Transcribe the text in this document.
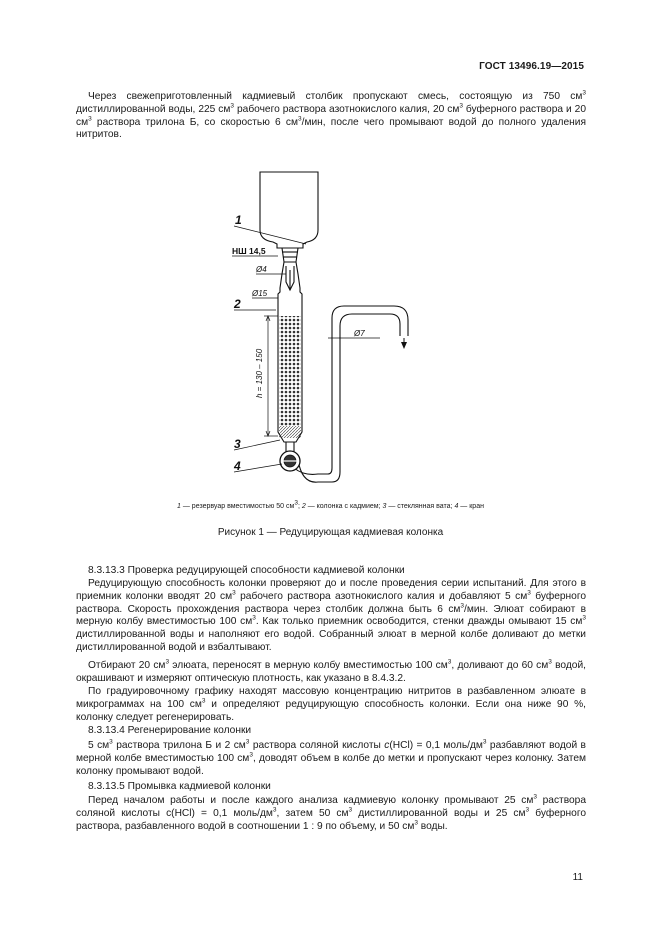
ГОСТ 13496.19—2015

Через свежеприготовленный кадмиевый столбик пропускают смесь, состоящую из 750 $см^3$ дистиллированной воды, 225 $см^3$ рабочего раствора азотнокислого калия, 20 $см^3$ буферного раствора и 20 $см^3$ раствора трилона Б, со скоростью 6 $см^3$/мин, после чего промывают водой до полного удаления нитритов.

1
НШ 14,5
Ø4
Ø15
2
Ø7
h = 130 – 150
3
4
1 — резервуар вместимостью 50 $см^3$; 2 — колонка с кадмием; 3 — стеклянная вата; 4 — кран
Рисунок 1 — Редуцирующая кадмиевая колонка

8.3.13.3 Проверка редуцирующей способности кадмиевой колонки

Редуцирующую способность колонки проверяют до и после проведения серии испытаний. Для этого в приемник колонки вводят 20 $см^3$ рабочего раствора азотнокислого калия и добавляют 5 $см^3$ буферного раствора. Скорость прохождения раствора через столбик должна быть 6 $см^3$/мин. Элюат собирают в мерную колбу вместимостью 100 $см^3$. Как только приемник освободится, стенки дважды омывают 15 $см^3$ дистиллированной воды и наполняют его водой. Собранный элюат в мерной колбе доливают до метки дистиллированной водой и взбалтывают.

Отбирают 20 $см^3$ элюата, переносят в мерную колбу вместимостью 100 $см^3$, доливают до 60 $см^3$ водой, окрашивают и измеряют оптическую плотность, как указано в 8.4.3.2.

По градуировочному графику находят массовую концентрацию нитритов в разбавленном элюате в микрограммах на 100 $см^3$ и определяют редуцирующую способность колонки. Если она ниже 90 %, колонку следует регенерировать.

8.3.13.4 Регенерирование колонки

5 $см^3$ раствора трилона Б и 2 $см^3$ раствора соляной кислоты c(HCl) = 0,1 моль/$дм^3$ разбавляют водой в мерной колбе вместимостью 100 $см^3$, доводят объем в колбе до метки и пропускают через колонку. Затем колонку промывают водой.

8.3.13.5 Промывка кадмиевой колонки

Перед началом работы и после каждого анализа кадмиевую колонку промывают 25 $см^3$ раствора соляной кислоты c(HCl) = 0,1 моль/$дм^3$, затем 50 $см^3$ дистиллированной воды и 25 $см^3$ буферного раствора, разбавленного водой в соотношении 1 : 9 по объему, и 50 $см^3$ воды.

11
